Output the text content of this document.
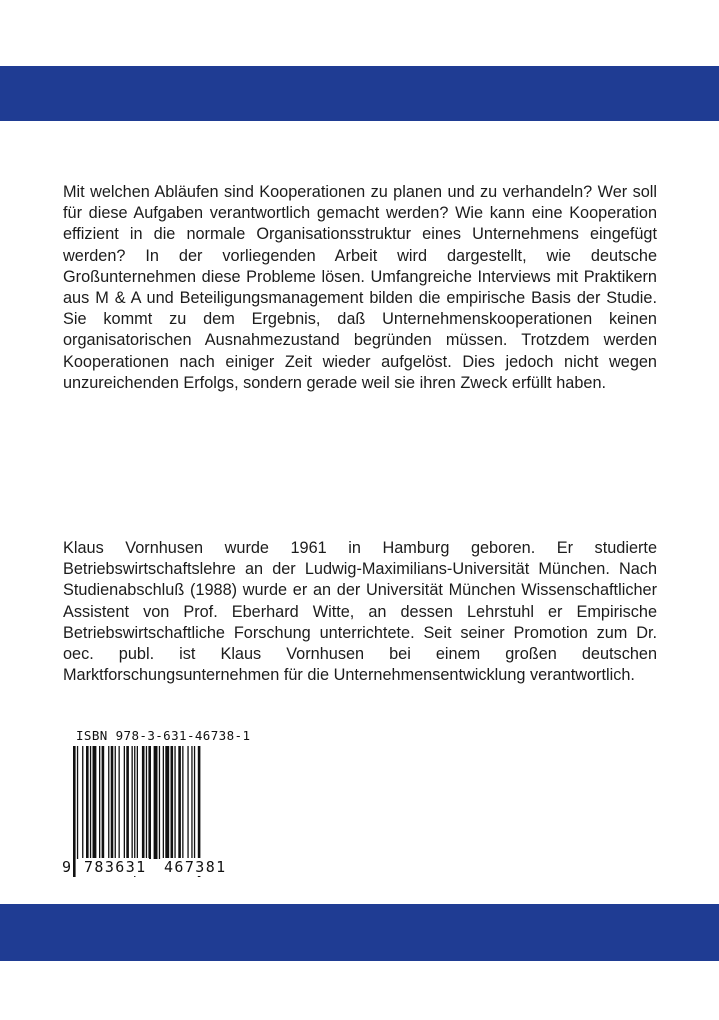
Mit welchen Abläufen sind Kooperationen zu planen und zu verhandeln? Wer soll für diese Aufgaben verantwortlich gemacht werden? Wie kann eine Kooperation effizient in die normale Organisationsstruktur eines Unternehmens eingefügt werden? In der vorliegenden Arbeit wird dargestellt, wie deutsche Großunternehmen diese Probleme lösen. Umfangreiche Interviews mit Praktikern aus M & A und Beteiligungsmanagement bilden die empirische Basis der Studie. Sie kommt zu dem Ergebnis, daß Unternehmenskooperationen keinen organisatorischen Ausnahmezustand begründen müssen. Trotzdem werden Kooperationen nach einiger Zeit wieder aufgelöst. Dies jedoch nicht wegen unzureichenden Erfolgs, sondern gerade weil sie ihren Zweck erfüllt haben.

Klaus Vornhusen wurde 1961 in Hamburg geboren. Er studierte Betriebswirtschaftslehre an der Ludwig-Maximilians-Universität München. Nach Studienabschluß (1988) wurde er an der Universität München Wissenschaftlicher Assistent von Prof. Eberhard Witte, an dessen Lehrstuhl er Empirische Betriebswirtschaftliche Forschung unterrichtete. Seit seiner Promotion zum Dr. oec. publ. ist Klaus Vornhusen bei einem großen deutschen Marktforschungsunternehmen für die Unternehmensentwicklung verantwortlich.

ISBN 978-3-631-46738-1
9 783631 467381
